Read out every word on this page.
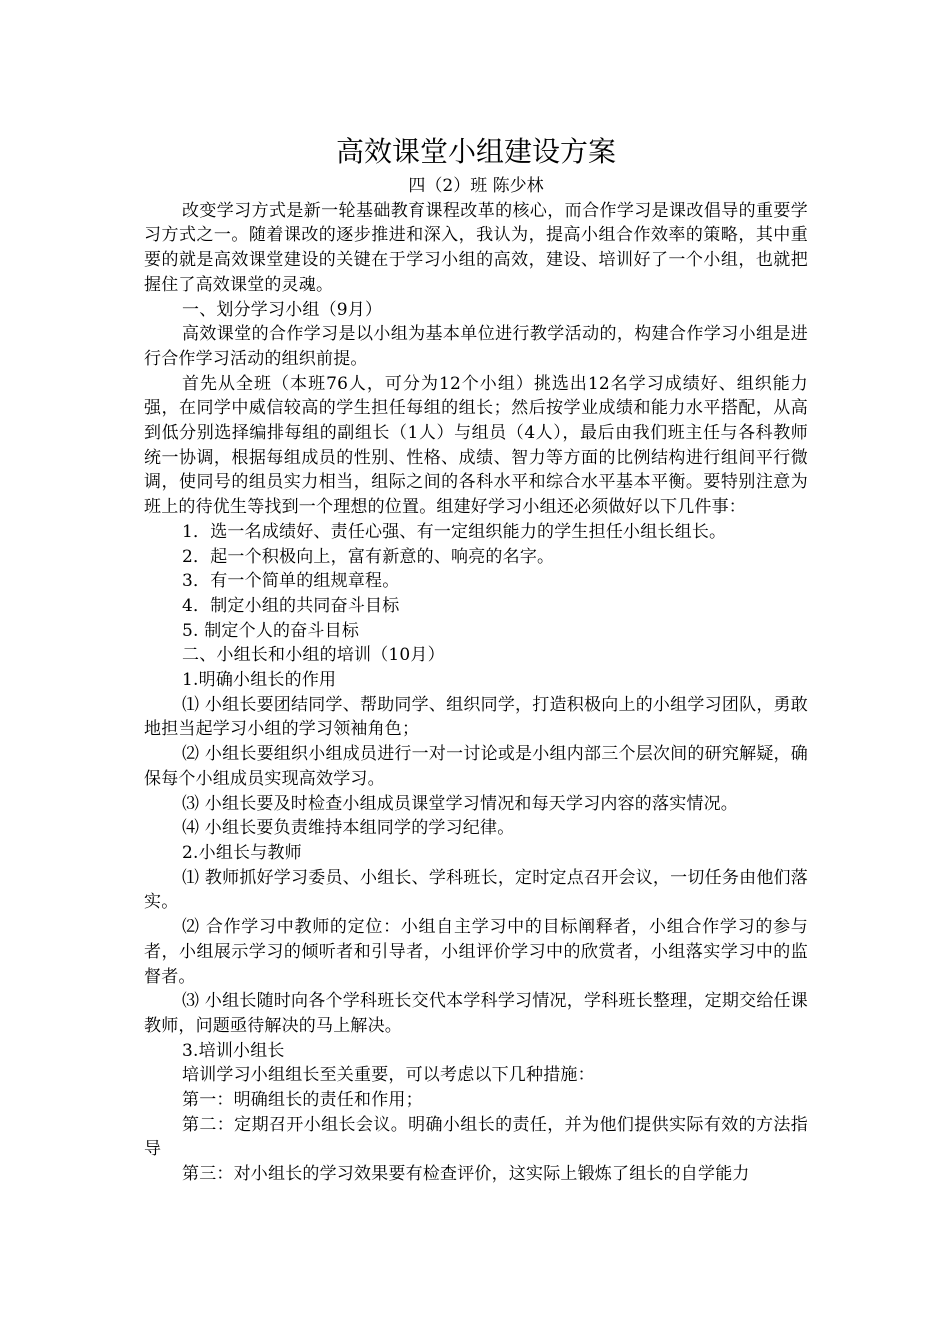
高效课堂小组建设方案

四（2）班 陈少林

改变学习方式是新一轮基础教育课程改革的核心，而合作学习是课改倡导的重要学习方式之一。随着课改的逐步推进和深入，我认为，提高小组合作效率的策略，其中重要的就是高效课堂建设的关键在于学习小组的高效，建设、培训好了一个小组，也就把握住了高效课堂的灵魂。

一、划分学习小组（9月）

高效课堂的合作学习是以小组为基本单位进行教学活动的，构建合作学习小组是进行合作学习活动的组织前提。

首先从全班（本班76人，可分为12个小组）挑选出12名学习成绩好、组织能力强，在同学中威信较高的学生担任每组的组长；然后按学业成绩和能力水平搭配，从高到低分别选择编排每组的副组长（1人）与组员（4人），最后由我们班主任与各科教师统一协调，根据每组成员的性别、性格、成绩、智力等方面的比例结构进行组间平行微调，使同号的组员实力相当，组际之间的各科水平和综合水平基本平衡。要特别注意为班上的待优生等找到一个理想的位置。组建好学习小组还必须做好以下几件事：

1．选一名成绩好、责任心强、有一定组织能力的学生担任小组长组长。

2．起一个积极向上，富有新意的、响亮的名字。

3．有一个简单的组规章程。

4．制定小组的共同奋斗目标

5. 制定个人的奋斗目标

二、小组长和小组的培训（10月）

1.明确小组长的作用

⑴ 小组长要团结同学、帮助同学、组织同学，打造积极向上的小组学习团队，勇敢地担当起学习小组的学习领袖角色；

⑵ 小组长要组织小组成员进行一对一讨论或是小组内部三个层次间的研究解疑，确保每个小组成员实现高效学习。

⑶ 小组长要及时检查小组成员课堂学习情况和每天学习内容的落实情况。

⑷ 小组长要负责维持本组同学的学习纪律。

2.小组长与教师

⑴ 教师抓好学习委员、小组长、学科班长，定时定点召开会议，一切任务由他们落实。

⑵ 合作学习中教师的定位：小组自主学习中的目标阐释者，小组合作学习的参与者，小组展示学习的倾听者和引导者，小组评价学习中的欣赏者，小组落实学习中的监督者。

⑶ 小组长随时向各个学科班长交代本学科学习情况，学科班长整理，定期交给任课教师，问题亟待解决的马上解决。

3.培训小组长

培训学习小组组长至关重要，可以考虑以下几种措施：

第一：明确组长的责任和作用；

第二：定期召开小组长会议。明确小组长的责任，并为他们提供实际有效的方法指导

第三：对小组长的学习效果要有检查评价，这实际上锻炼了组长的自学能力
